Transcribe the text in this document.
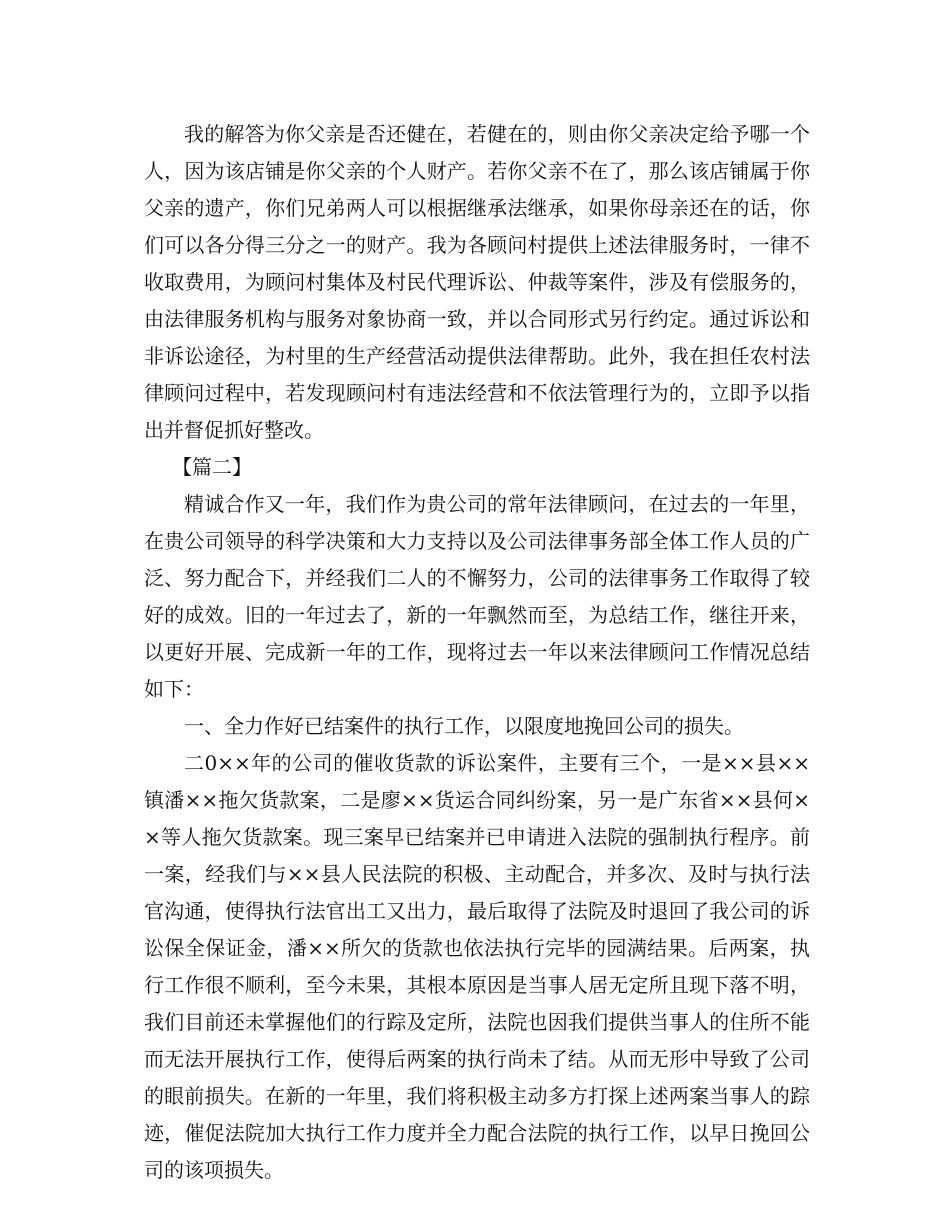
我的解答为你父亲是否还健在，若健在的，则由你父亲决定给予哪一个人，因为该店铺是你父亲的个人财产。若你父亲不在了，那么该店铺属于你父亲的遗产，你们兄弟两人可以根据继承法继承，如果你母亲还在的话，你们可以各分得三分之一的财产。我为各顾问村提供上述法律服务时，一律不收取费用，为顾问村集体及村民代理诉讼、仲裁等案件，涉及有偿服务的，由法律服务机构与服务对象协商一致，并以合同形式另行约定。通过诉讼和非诉讼途径，为村里的生产经营活动提供法律帮助。此外，我在担任农村法律顾问过程中，若发现顾问村有违法经营和不依法管理行为的，立即予以指出并督促抓好整改。

【篇二】

精诚合作又一年，我们作为贵公司的常年法律顾问，在过去的一年里，在贵公司领导的科学决策和大力支持以及公司法律事务部全体工作人员的广泛、努力配合下，并经我们二人的不懈努力，公司的法律事务工作取得了较好的成效。旧的一年过去了，新的一年飘然而至，为总结工作，继往开来，以更好开展、完成新一年的工作，现将过去一年以来法律顾问工作情况总结如下：

一、全力作好已结案件的执行工作，以限度地挽回公司的损失。

二0××年的公司的催收货款的诉讼案件，主要有三个，一是××县××镇潘××拖欠货款案，二是廖××货运合同纠纷案，另一是广东省××县何××等人拖欠货款案。现三案早已结案并已申请进入法院的强制执行程序。前一案，经我们与××县人民法院的积极、主动配合，并多次、及时与执行法官沟通，使得执行法官出工又出力，最后取得了法院及时退回了我公司的诉讼保全保证金，潘××所欠的货款也依法执行完毕的园满结果。后两案，执行工作很不顺利，至今未果，其根本原因是当事人居无定所且现下落不明，我们目前还未掌握他们的行踪及定所，法院也因我们提供当事人的住所不能而无法开展执行工作，使得后两案的执行尚未了结。从而无形中导致了公司的眼前损失。在新的一年里，我们将积极主动多方打探上述两案当事人的踪迹，催促法院加大执行工作力度并全力配合法院的执行工作，以早日挽回公司的该项损失。
